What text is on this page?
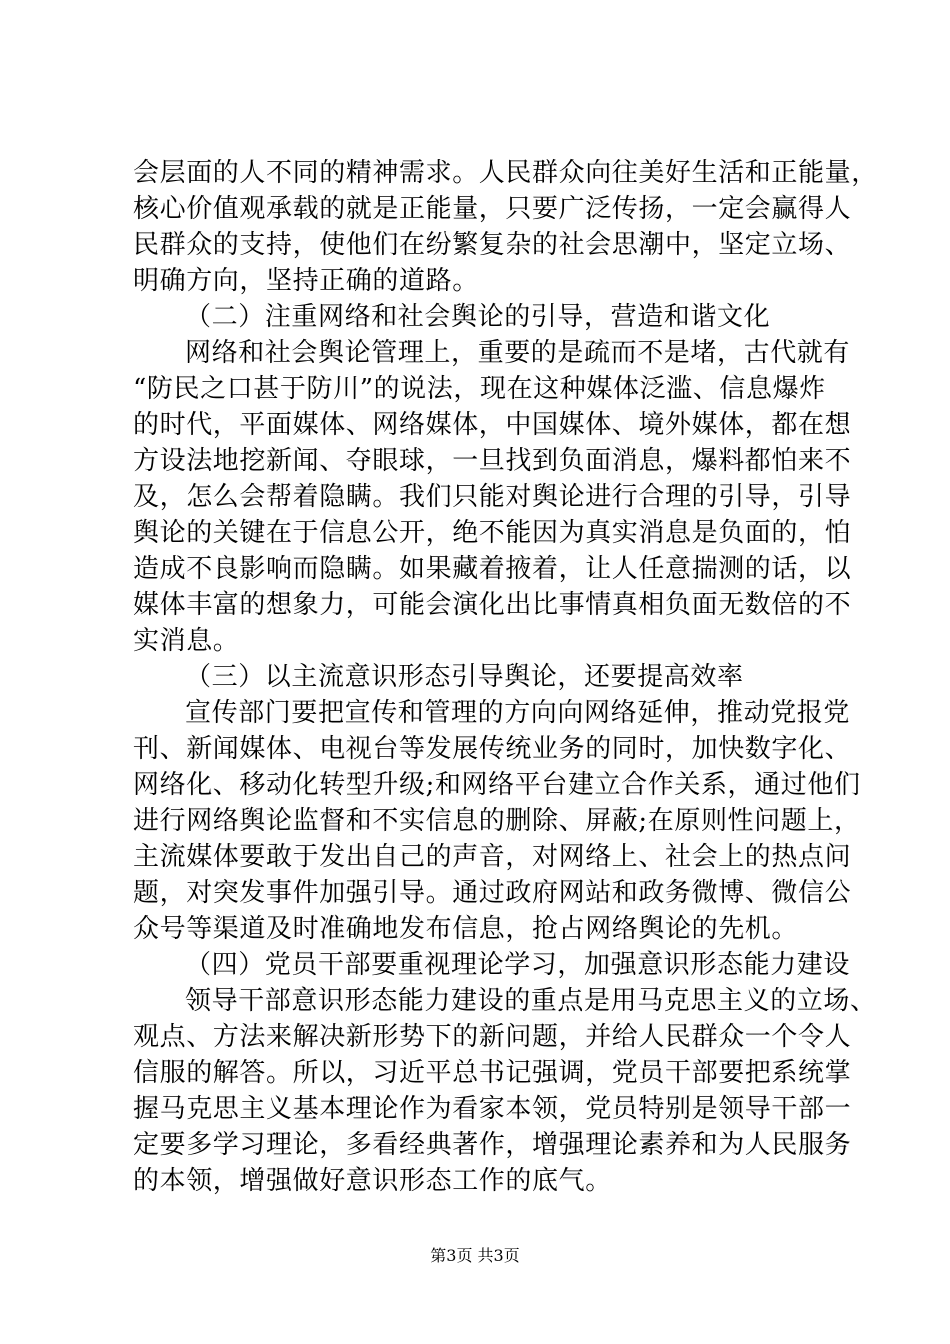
会层面的人不同的精神需求。人民群众向往美好生活和正能量，
核心价值观承载的就是正能量，只要广泛传扬，一定会赢得人
民群众的支持，使他们在纷繁复杂的社会思潮中，坚定立场、
明确方向，坚持正确的道路。
（二）注重网络和社会舆论的引导，营造和谐文化
网络和社会舆论管理上，重要的是疏而不是堵，古代就有
“防民之口甚于防川”的说法，现在这种媒体泛滥、信息爆炸
的时代，平面媒体、网络媒体，中国媒体、境外媒体，都在想
方设法地挖新闻、夺眼球，一旦找到负面消息，爆料都怕来不
及，怎么会帮着隐瞒。我们只能对舆论进行合理的引导，引导
舆论的关键在于信息公开，绝不能因为真实消息是负面的，怕
造成不良影响而隐瞒。如果藏着掖着，让人任意揣测的话，以
媒体丰富的想象力，可能会演化出比事情真相负面无数倍的不
实消息。
（三）以主流意识形态引导舆论，还要提高效率
宣传部门要把宣传和管理的方向向网络延伸，推动党报党
刊、新闻媒体、电视台等发展传统业务的同时，加快数字化、
网络化、移动化转型升级;和网络平台建立合作关系，通过他们
进行网络舆论监督和不实信息的删除、屏蔽;在原则性问题上，
主流媒体要敢于发出自己的声音，对网络上、社会上的热点问
题，对突发事件加强引导。通过政府网站和政务微博、微信公
众号等渠道及时准确地发布信息，抢占网络舆论的先机。
（四）党员干部要重视理论学习，加强意识形态能力建设
领导干部意识形态能力建设的重点是用马克思主义的立场、
观点、方法来解决新形势下的新问题，并给人民群众一个令人
信服的解答。所以，习近平总书记强调，党员干部要把系统掌
握马克思主义基本理论作为看家本领，党员特别是领导干部一
定要多学习理论，多看经典著作，增强理论素养和为人民服务
的本领，增强做好意识形态工作的底气。
第3页 共3页
